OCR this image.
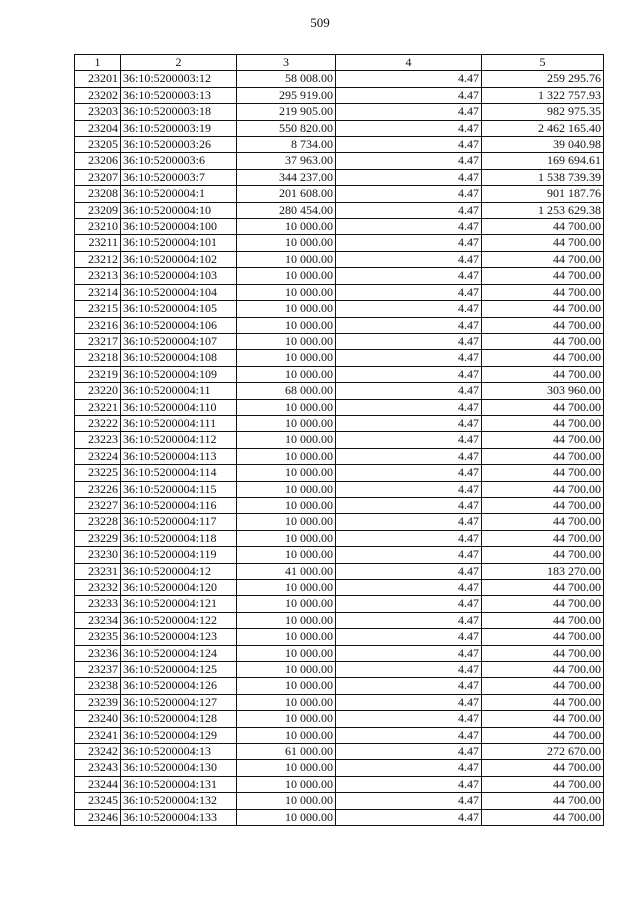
509
1	2	3	4	5
23201	36:10:5200003:12	58 008.00	4.47	259 295.76
23202	36:10:5200003:13	295 919.00	4.47	1 322 757.93
23203	36:10:5200003:18	219 905.00	4.47	982 975.35
23204	36:10:5200003:19	550 820.00	4.47	2 462 165.40
23205	36:10:5200003:26	8 734.00	4.47	39 040.98
23206	36:10:5200003:6	37 963.00	4.47	169 694.61
23207	36:10:5200003:7	344 237.00	4.47	1 538 739.39
23208	36:10:5200004:1	201 608.00	4.47	901 187.76
23209	36:10:5200004:10	280 454.00	4.47	1 253 629.38
23210	36:10:5200004:100	10 000.00	4.47	44 700.00
23211	36:10:5200004:101	10 000.00	4.47	44 700.00
23212	36:10:5200004:102	10 000.00	4.47	44 700.00
23213	36:10:5200004:103	10 000.00	4.47	44 700.00
23214	36:10:5200004:104	10 000.00	4.47	44 700.00
23215	36:10:5200004:105	10 000.00	4.47	44 700.00
23216	36:10:5200004:106	10 000.00	4.47	44 700.00
23217	36:10:5200004:107	10 000.00	4.47	44 700.00
23218	36:10:5200004:108	10 000.00	4.47	44 700.00
23219	36:10:5200004:109	10 000.00	4.47	44 700.00
23220	36:10:5200004:11	68 000.00	4.47	303 960.00
23221	36:10:5200004:110	10 000.00	4.47	44 700.00
23222	36:10:5200004:111	10 000.00	4.47	44 700.00
23223	36:10:5200004:112	10 000.00	4.47	44 700.00
23224	36:10:5200004:113	10 000.00	4.47	44 700.00
23225	36:10:5200004:114	10 000.00	4.47	44 700.00
23226	36:10:5200004:115	10 000.00	4.47	44 700.00
23227	36:10:5200004:116	10 000.00	4.47	44 700.00
23228	36:10:5200004:117	10 000.00	4.47	44 700.00
23229	36:10:5200004:118	10 000.00	4.47	44 700.00
23230	36:10:5200004:119	10 000.00	4.47	44 700.00
23231	36:10:5200004:12	41 000.00	4.47	183 270.00
23232	36:10:5200004:120	10 000.00	4.47	44 700.00
23233	36:10:5200004:121	10 000.00	4.47	44 700.00
23234	36:10:5200004:122	10 000.00	4.47	44 700.00
23235	36:10:5200004:123	10 000.00	4.47	44 700.00
23236	36:10:5200004:124	10 000.00	4.47	44 700.00
23237	36:10:5200004:125	10 000.00	4.47	44 700.00
23238	36:10:5200004:126	10 000.00	4.47	44 700.00
23239	36:10:5200004:127	10 000.00	4.47	44 700.00
23240	36:10:5200004:128	10 000.00	4.47	44 700.00
23241	36:10:5200004:129	10 000.00	4.47	44 700.00
23242	36:10:5200004:13	61 000.00	4.47	272 670.00
23243	36:10:5200004:130	10 000.00	4.47	44 700.00
23244	36:10:5200004:131	10 000.00	4.47	44 700.00
23245	36:10:5200004:132	10 000.00	4.47	44 700.00
23246	36:10:5200004:133	10 000.00	4.47	44 700.00
